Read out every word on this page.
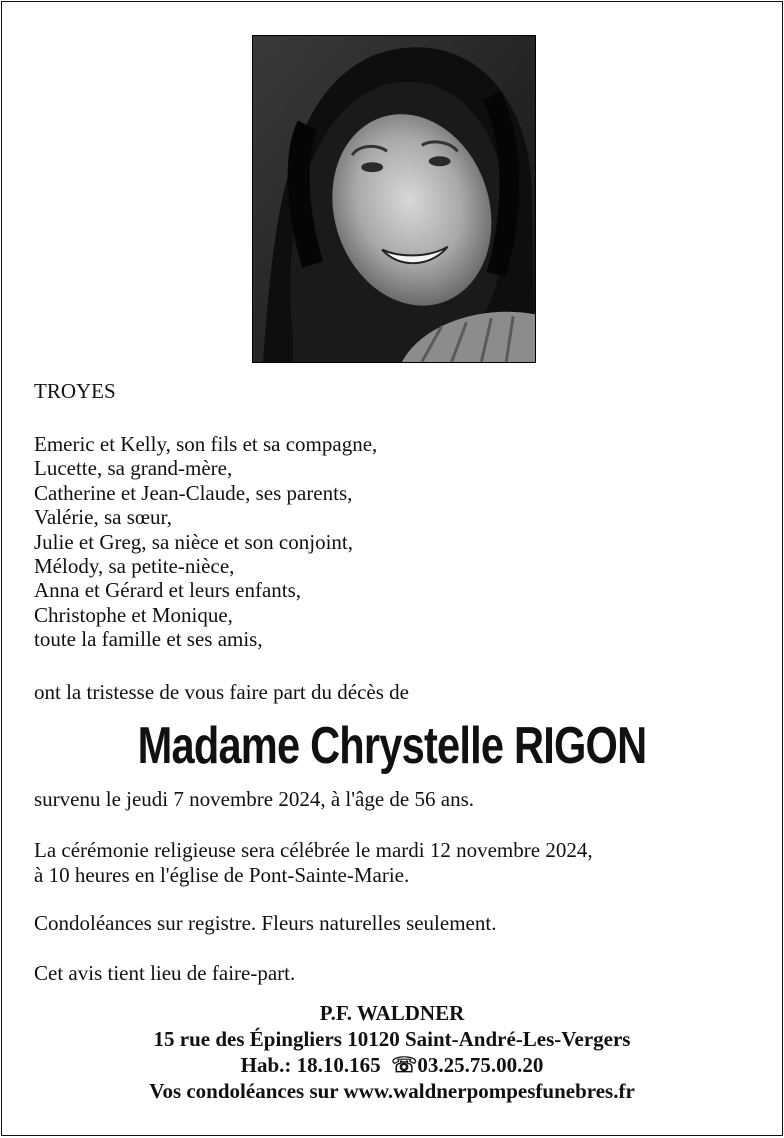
TROYES
Emeric et Kelly, son fils et sa compagne,
Lucette, sa grand-mère,
Catherine et Jean-Claude, ses parents,
Valérie, sa sœur,
Julie et Greg, sa nièce et son conjoint,
Mélody, sa petite-nièce,
Anna et Gérard et leurs enfants,
Christophe et Monique,
toute la famille et ses amis,
ont la tristesse de vous faire part du décès de
Madame Chrystelle RIGON

survenu le jeudi 7 novembre 2024, à l'âge de 56 ans.

La cérémonie religieuse sera célébrée le mardi 12 novembre 2024,
à 10 heures en l'église de Pont-Sainte-Marie.

Condoléances sur registre. Fleurs naturelles seulement.

Cet avis tient lieu de faire-part.

P.F. WALDNER
15 rue des Épingliers 10120 Saint-André-Les-Vergers
Hab.: 18.10.165  ☏03.25.75.00.20
Vos condoléances sur www.waldnerpompesfunebres.fr
